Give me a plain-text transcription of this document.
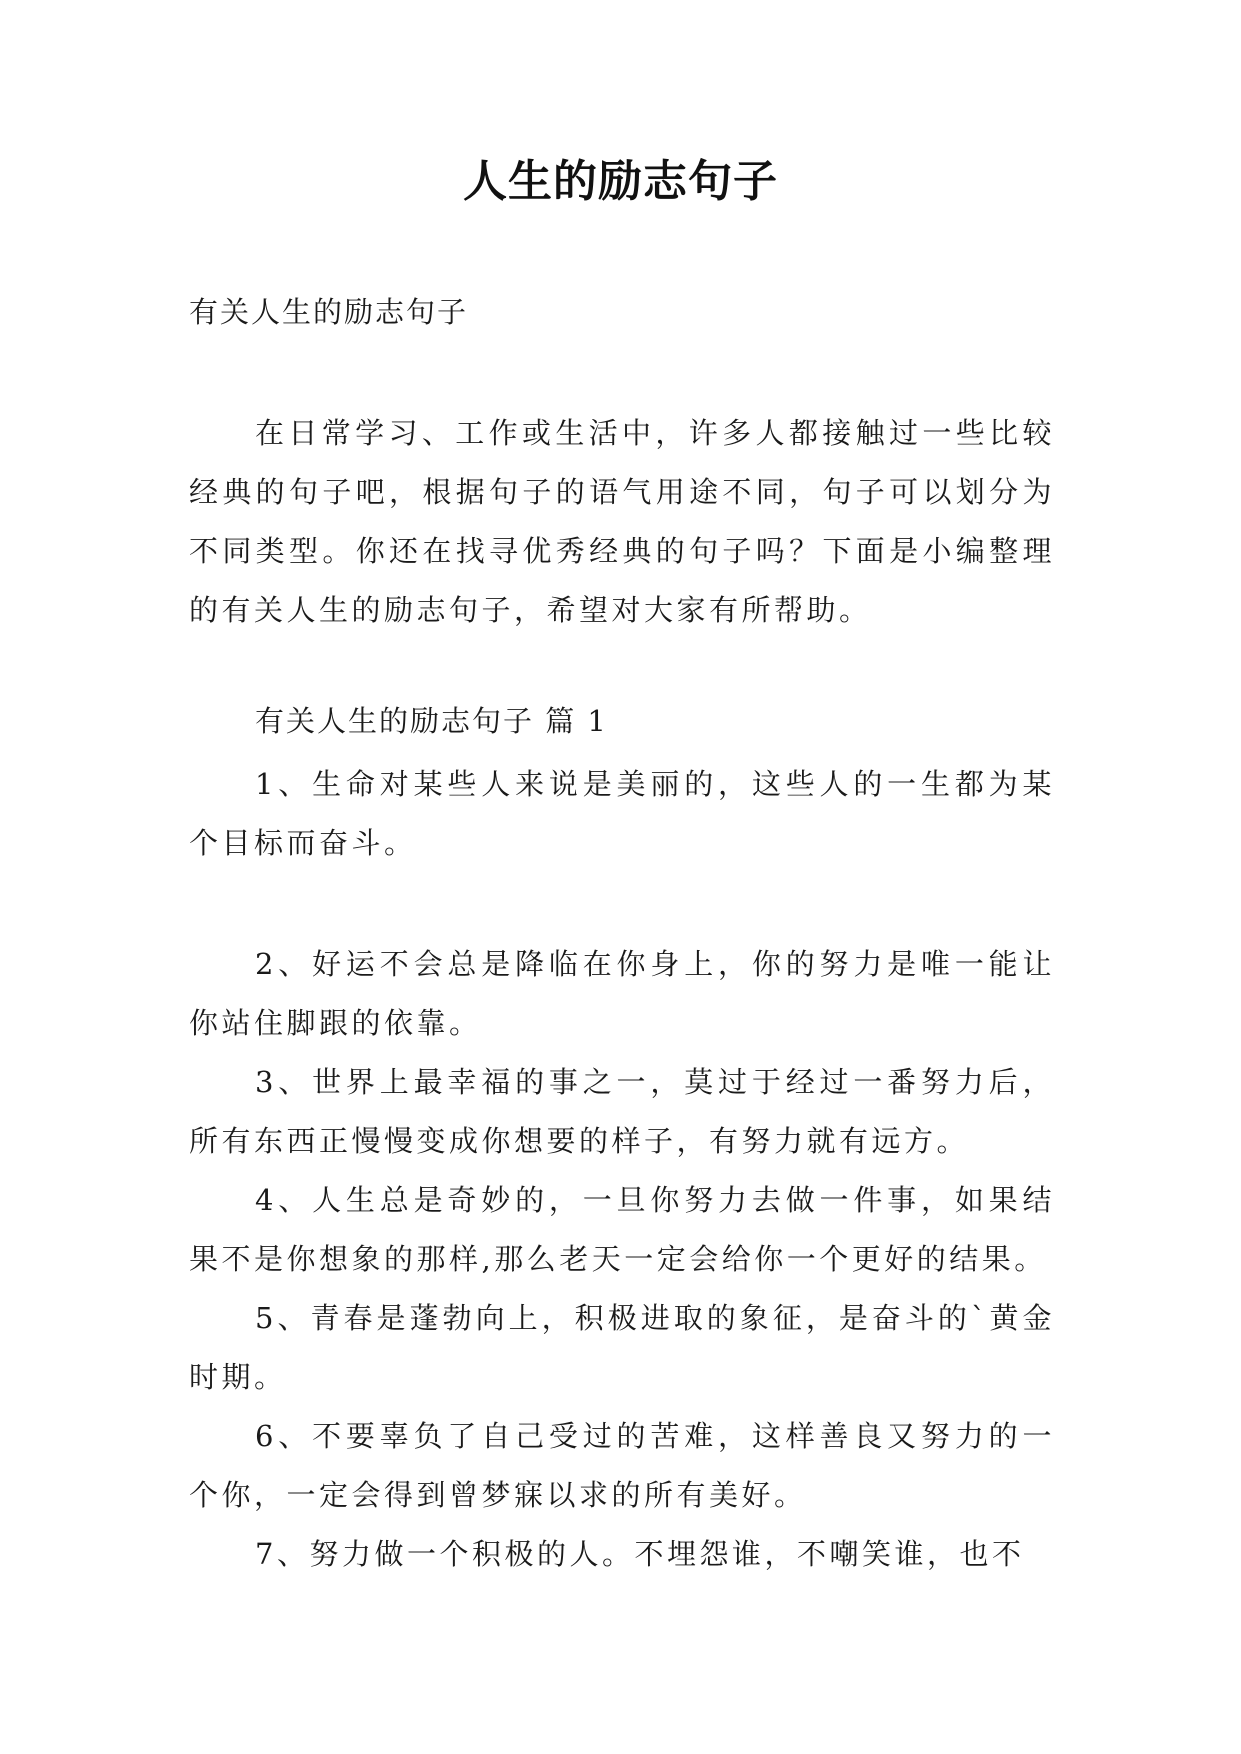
人生的励志句子
有关人生的励志句子

在日常学习、工作或生活中，许多人都接触过一些比较经典的句子吧，根据句子的语气用途不同，句子可以划分为不同类型。你还在找寻优秀经典的句子吗？下面是小编整理的有关人生的励志句子，希望对大家有所帮助。

有关人生的励志句子 篇 1

1、生命对某些人来说是美丽的，这些人的一生都为某个目标而奋斗。

2、好运不会总是降临在你身上，你的努力是唯一能让你站住脚跟的依靠。

3、世界上最幸福的事之一，莫过于经过一番努力后，所有东西正慢慢变成你想要的样子，有努力就有远方。

4、人生总是奇妙的，一旦你努力去做一件事，如果结果不是你想象的那样,那么老天一定会给你一个更好的结果。

5、青春是蓬勃向上，积极进取的象征，是奋斗的`黄金时期。

6、不要辜负了自己受过的苦难，这样善良又努力的一个你，一定会得到曾梦寐以求的所有美好。

7、努力做一个积极的人。不埋怨谁，不嘲笑谁，也不
